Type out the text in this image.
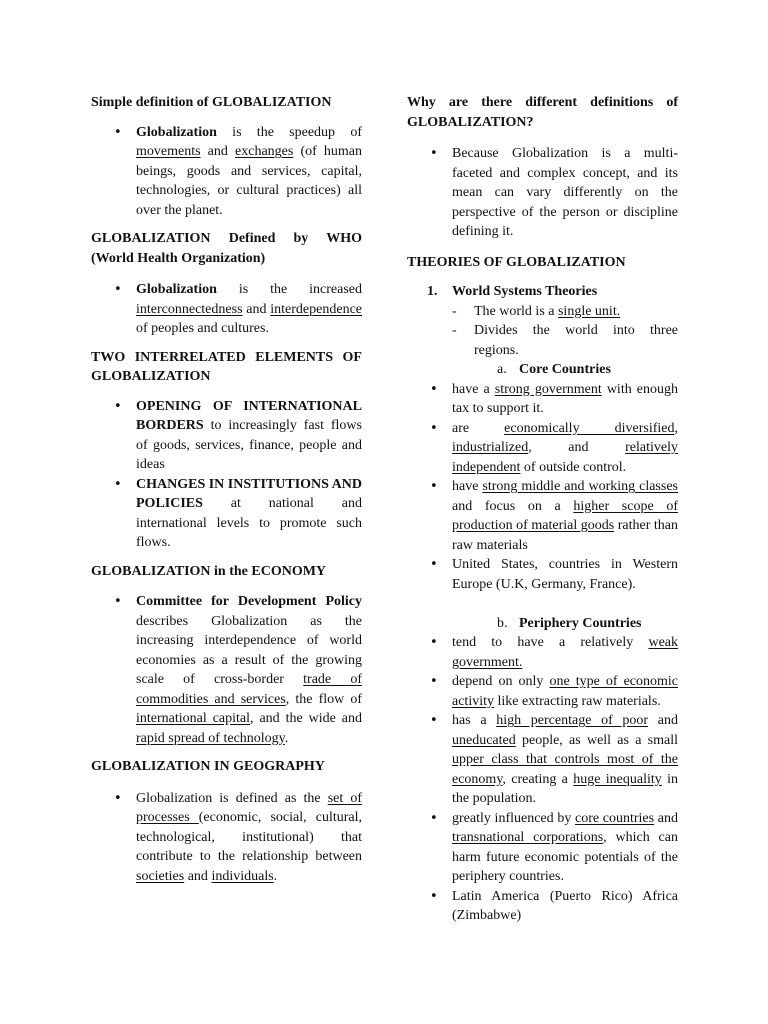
Simple definition of GLOBALIZATION
• Globalization is the speedup of movements and exchanges (of human beings, goods and services, capital, technologies, or cultural practices) all over the planet.
GLOBALIZATION Defined by WHO (World Health Organization)
• Globalization is the increased interconnectedness and interdependence of peoples and cultures.
TWO INTERRELATED ELEMENTS OF GLOBALIZATION
• OPENING OF INTERNATIONAL BORDERS to increasingly fast flows of goods, services, finance, people and ideas
• CHANGES IN INSTITUTIONS AND POLICIES at national and international levels to promote such flows.
GLOBALIZATION in the ECONOMY
• Committee for Development Policy describes Globalization as the increasing interdependence of world economies as a result of the growing scale of cross-border trade of commodities and services, the flow of international capital, and the wide and rapid spread of technology.
GLOBALIZATION IN GEOGRAPHY
• Globalization is defined as the set of processes (economic, social, cultural, technological, institutional) that contribute to the relationship between societies and individuals.
Why are there different definitions of GLOBALIZATION?
• Because Globalization is a multi-faceted and complex concept, and its mean can vary differently on the perspective of the person or discipline defining it.
THEORIES OF GLOBALIZATION
1.	World Systems Theories
- The world is a single unit.
- Divides the world into three regions.
a. Core Countries
• have a strong government with enough tax to support it.
• are economically diversified, industrialized, and relatively independent of outside control.
• have strong middle and working classes and focus on a higher scope of production of material goods rather than raw materials
• United States, countries in Western Europe (U.K, Germany, France).
b. Periphery Countries
• tend to have a relatively weak government.
• depend on only one type of economic activity like extracting raw materials.
• has a high percentage of poor and uneducated people, as well as a small upper class that controls most of the economy, creating a huge inequality in the population.
• greatly influenced by core countries and transnational corporations, which can harm future economic potentials of the periphery countries.
• Latin America (Puerto Rico) Africa (Zimbabwe)
